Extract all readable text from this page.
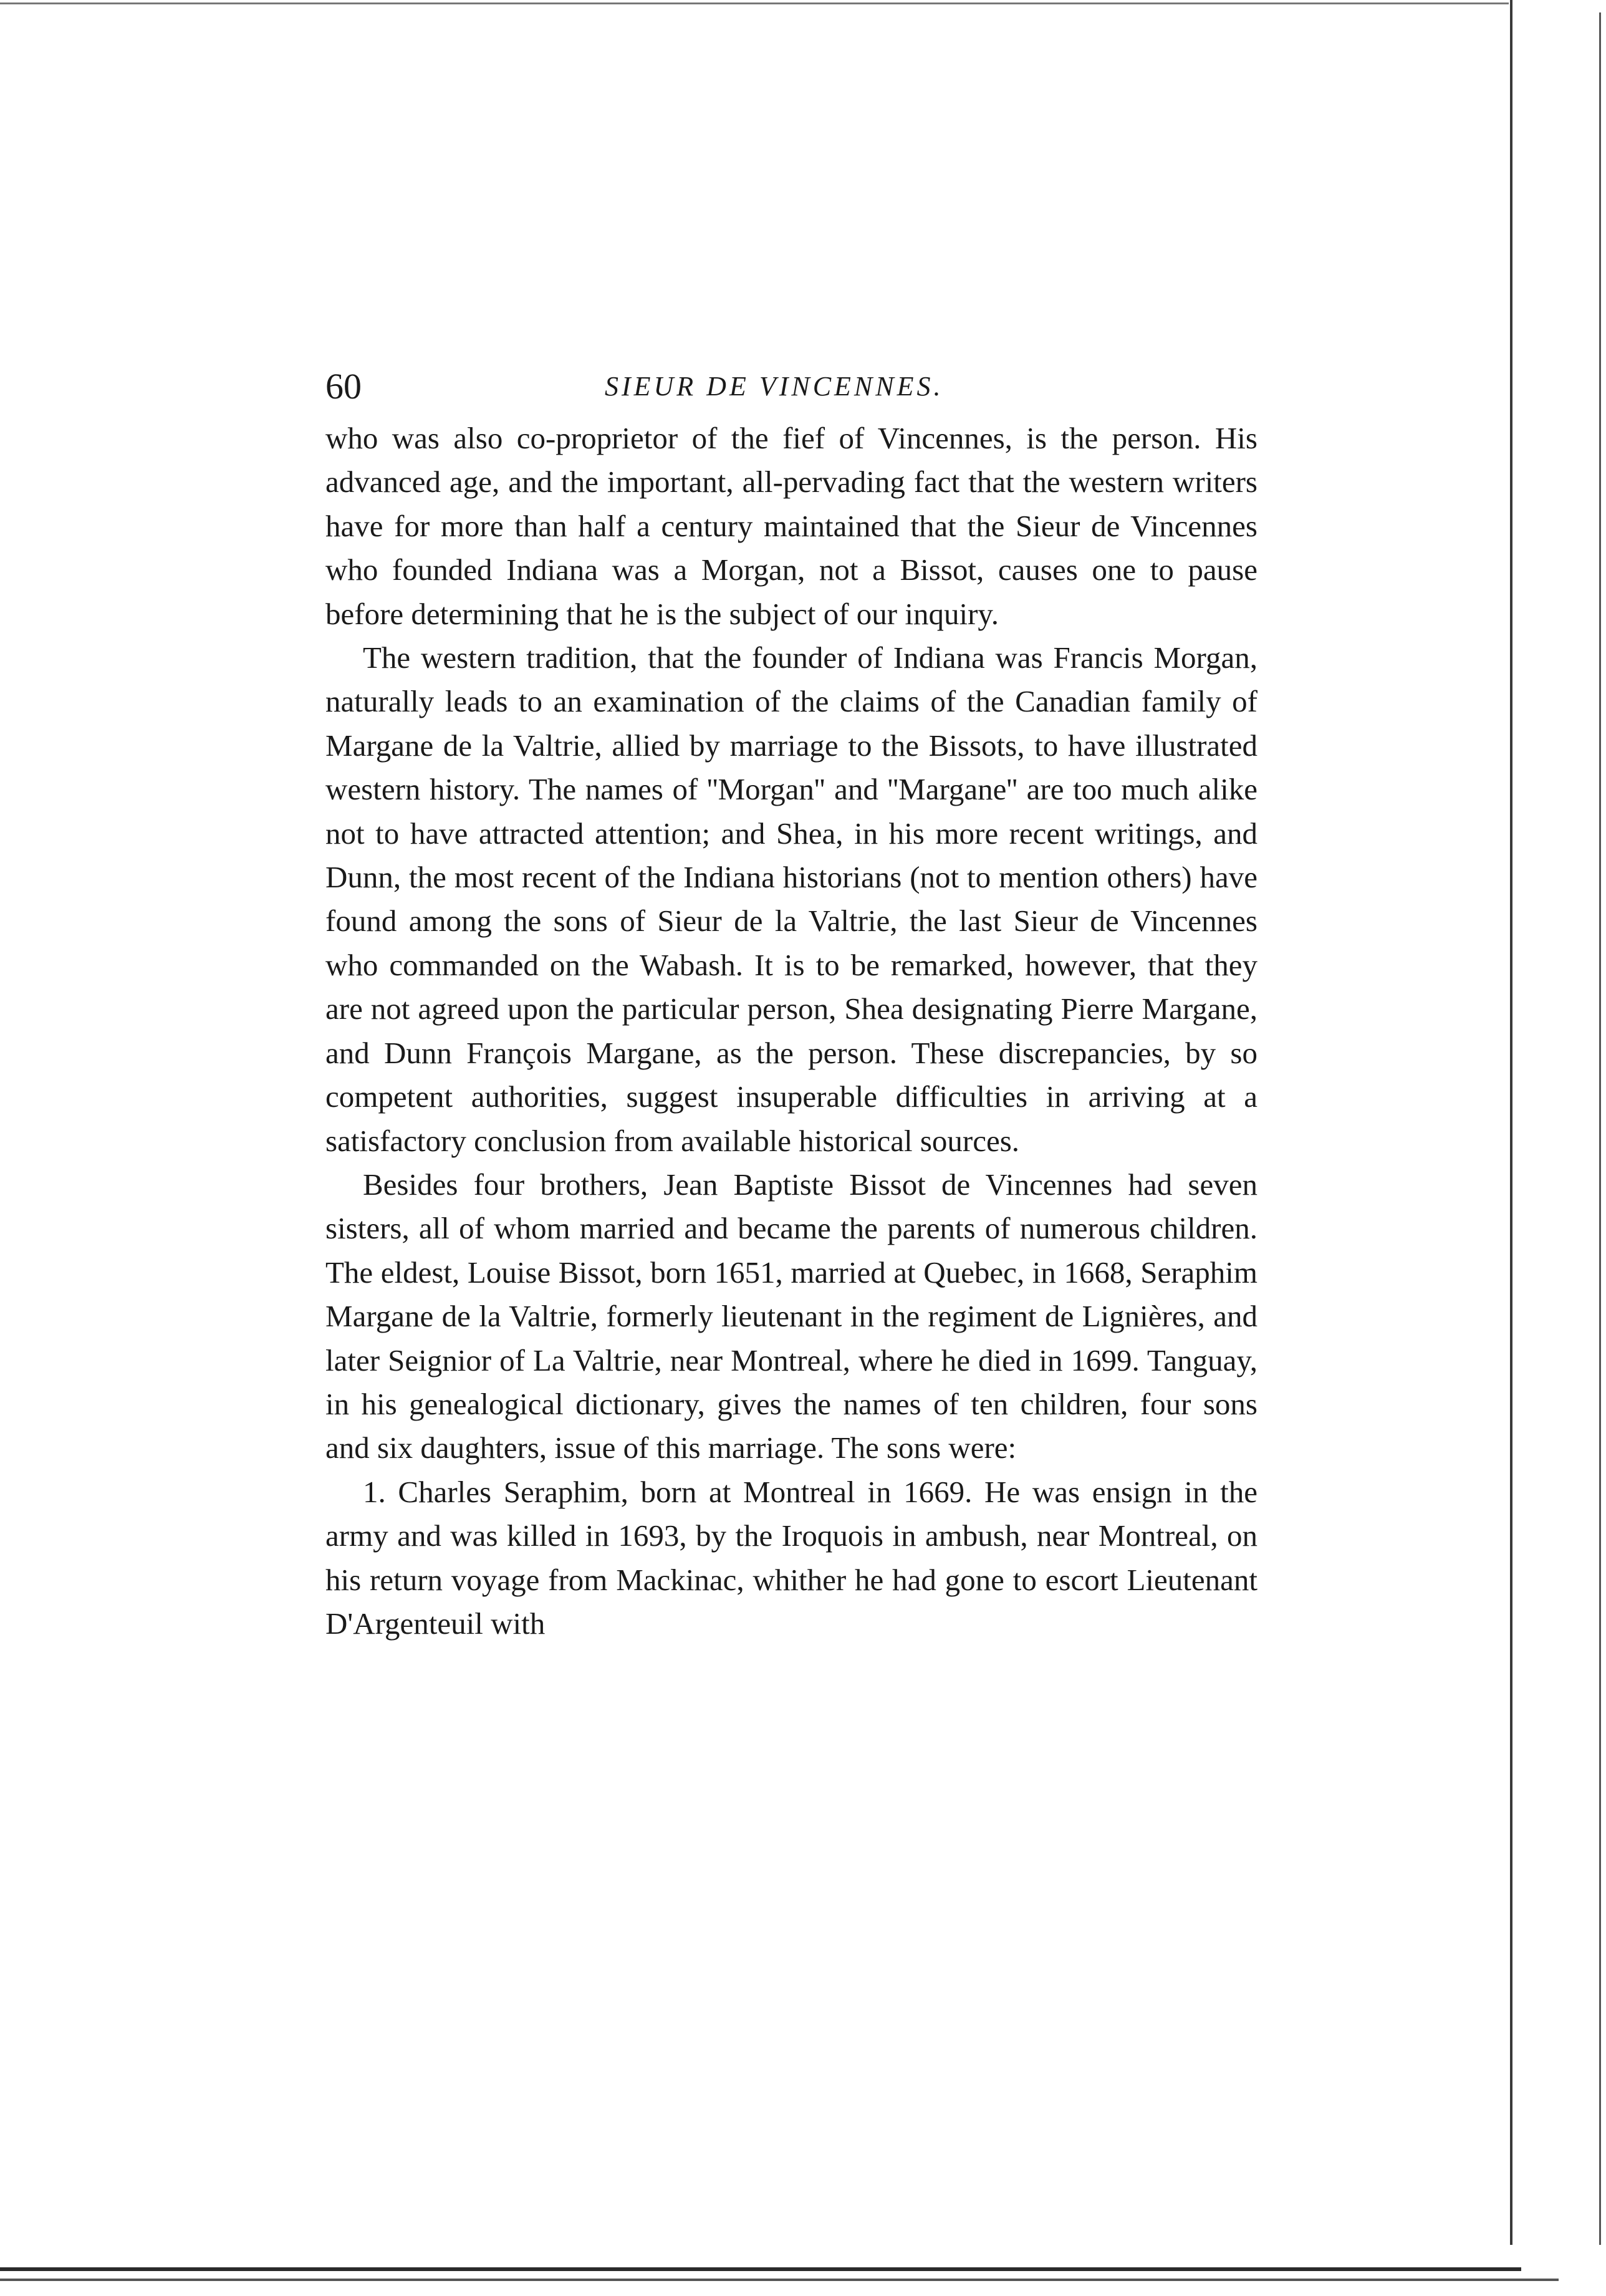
60	SIEUR DE VINCENNES.

who was also co-proprietor of the fief of Vincennes, is the person. His advanced age, and the important, all-pervading fact that the western writers have for more than half a century maintained that the Sieur de Vincennes who founded Indiana was a Morgan, not a Bissot, causes one to pause before determining that he is the subject of our inquiry.

The western tradition, that the founder of Indiana was Francis Morgan, naturally leads to an examination of the claims of the Canadian family of Margane de la Valtrie, allied by marriage to the Bissots, to have illustrated western history. The names of ''Morgan'' and ''Margane'' are too much alike not to have attracted attention; and Shea, in his more recent writings, and Dunn, the most recent of the Indiana historians (not to mention others) have found among the sons of Sieur de la Valtrie, the last Sieur de Vincennes who commanded on the Wabash. It is to be remarked, however, that they are not agreed upon the particular person, Shea designating Pierre Margane, and Dunn François Margane, as the person. These discrepancies, by so competent authorities, suggest insuperable difficulties in arriving at a satisfactory conclusion from available historical sources.

Besides four brothers, Jean Baptiste Bissot de Vincennes had seven sisters, all of whom married and became the parents of numerous children. The eldest, Louise Bissot, born 1651, married at Quebec, in 1668, Seraphim Margane de la Valtrie, formerly lieutenant in the regiment de Lignières, and later Seignior of La Valtrie, near Montreal, where he died in 1699. Tanguay, in his genealogical dictionary, gives the names of ten children, four sons and six daughters, issue of this marriage. The sons were:

1. Charles Seraphim, born at Montreal in 1669. He was ensign in the army and was killed in 1693, by the Iroquois in ambush, near Montreal, on his return voyage from Mackinac, whither he had gone to escort Lieutenant D'Argenteuil with
